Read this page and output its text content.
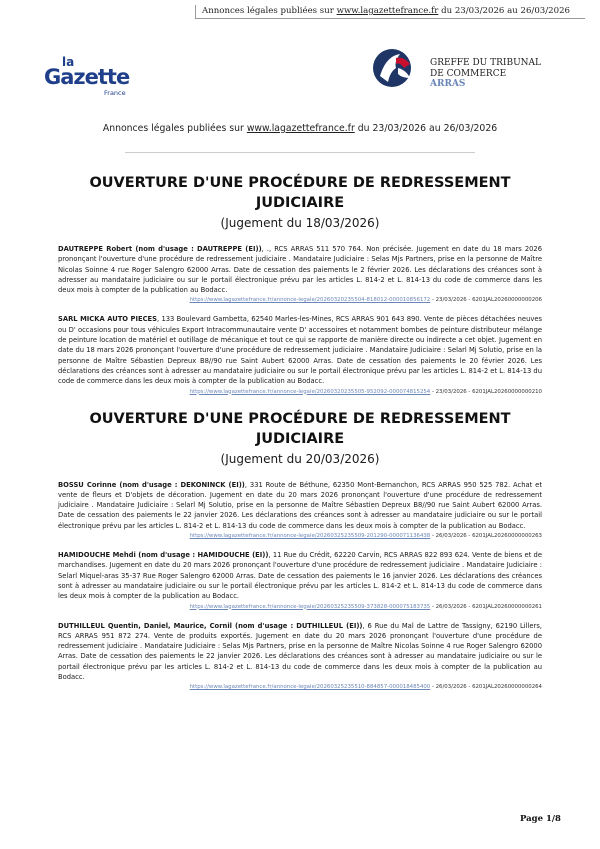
Annonces légales publiées sur www.lagazettefrance.fr du 23/03/2026 au 26/03/2026
la
Gazette
France
GREFFE DU TRIBUNAL
DE COMMERCE
ARRAS
Annonces légales publiées sur www.lagazettefrance.fr du 23/03/2026 au 26/03/2026
OUVERTURE D'UNE PROCÉDURE DE REDRESSEMENT JUDICIAIRE
(Jugement du 18/03/2026)
DAUTREPPE Robert (nom d'usage : DAUTREPPE (EI)), ., RCS ARRAS 511 570 764. Non précisée. Jugement en date du 18 mars 2026 prononçant l'ouverture d'une procédure de redressement judiciaire . Mandataire Judiciaire : Selas Mjs Partners, prise en la personne de Maître Nicolas Soinne 4 rue Roger Salengro 62000 Arras. Date de cessation des paiements le 2 février 2026. Les déclarations des créances sont à adresser au mandataire judiciaire ou sur le portail électronique prévu par les articles L. 814-2 et L. 814-13 du code de commerce dans les deux mois à compter de la publication au Bodacc.
https://www.lagazettefrance.fr/annonce-legale/20260320235504-818012-000010856172 - 23/03/2026 - 6201JAL20260000000206
SARL MICKA AUTO PIECES, 133 Boulevard Gambetta, 62540 Marles-les-Mines, RCS ARRAS 901 643 890. Vente de pièces détachées neuves ou D' occasions pour tous véhicules Export Intracommunautaire vente D' accessoires et notamment bombes de peinture distributeur mélange de peinture location de matériel et outillage de mécanique et tout ce qui se rapporte de manière directe ou indirecte a cet objet. Jugement en date du 18 mars 2026 prononçant l'ouverture d'une procédure de redressement judiciaire . Mandataire Judiciaire : Selarl Mj Solutio, prise en la personne de Maître Sébastien Depreux B8//90 rue Saint Aubert 62000 Arras. Date de cessation des paiements le 20 février 2026. Les déclarations des créances sont à adresser au mandataire judiciaire ou sur le portail électronique prévu par les articles L. 814-2 et L. 814-13 du code de commerce dans les deux mois à compter de la publication au Bodacc.
https://www.lagazettefrance.fr/annonce-legale/20260320235505-952092-000074815254 - 23/03/2026 - 6201JAL20260000000210
OUVERTURE D'UNE PROCÉDURE DE REDRESSEMENT JUDICIAIRE
(Jugement du 20/03/2026)
BOSSU Corinne (nom d'usage : DEKONINCK (EI)), 331 Route de Béthune, 62350 Mont-Bernanchon, RCS ARRAS 950 525 782. Achat et vente de fleurs et D'objets de décoration. Jugement en date du 20 mars 2026 prononçant l'ouverture d'une procédure de redressement judiciaire . Mandataire Judiciaire : Selarl Mj Solutio, prise en la personne de Maître Sébastien Depreux B8//90 rue Saint Aubert 62000 Arras. Date de cessation des paiements le 22 janvier 2026. Les déclarations des créances sont à adresser au mandataire judiciaire ou sur le portail électronique prévu par les articles L. 814-2 et L. 814-13 du code de commerce dans les deux mois à compter de la publication au Bodacc.
https://www.lagazettefrance.fr/annonce-legale/20260325235509-201290-000071136438 - 26/03/2026 - 6201JAL20260000000263
HAMIDOUCHE Mehdi (nom d'usage : HAMIDOUCHE (EI)), 11 Rue du Crédit, 62220 Carvin, RCS ARRAS 822 893 624. Vente de biens et de marchandises. Jugement en date du 20 mars 2026 prononçant l'ouverture d'une procédure de redressement judiciaire . Mandataire Judiciaire : Selarl Miquel-aras 35-37 Rue Roger Salengro 62000 Arras. Date de cessation des paiements le 16 janvier 2026. Les déclarations des créances sont à adresser au mandataire judiciaire ou sur le portail électronique prévu par les articles L. 814-2 et L. 814-13 du code de commerce dans les deux mois à compter de la publication au Bodacc.
https://www.lagazettefrance.fr/annonce-legale/20260325235509-373828-000075183735 - 26/03/2026 - 6201JAL20260000000261
DUTHILLEUL Quentin, Daniel, Maurice, Cornil (nom d'usage : DUTHILLEUL (EI)), 6 Rue du Mal de Lattre de Tassigny, 62190 Lillers, RCS ARRAS 951 872 274. Vente de produits exportés. Jugement en date du 20 mars 2026 prononçant l'ouverture d'une procédure de redressement judiciaire . Mandataire Judiciaire : Selas Mjs Partners, prise en la personne de Maître Nicolas Soinne 4 rue Roger Salengro 62000 Arras. Date de cessation des paiements le 22 janvier 2026. Les déclarations des créances sont à adresser au mandataire judiciaire ou sur le portail électronique prévu par les articles L. 814-2 et L. 814-13 du code de commerce dans les deux mois à compter de la publication au Bodacc.
https://www.lagazettefrance.fr/annonce-legale/20260325235510-884857-000018485400 - 26/03/2026 - 6201JAL20260000000264
Page 1/8
